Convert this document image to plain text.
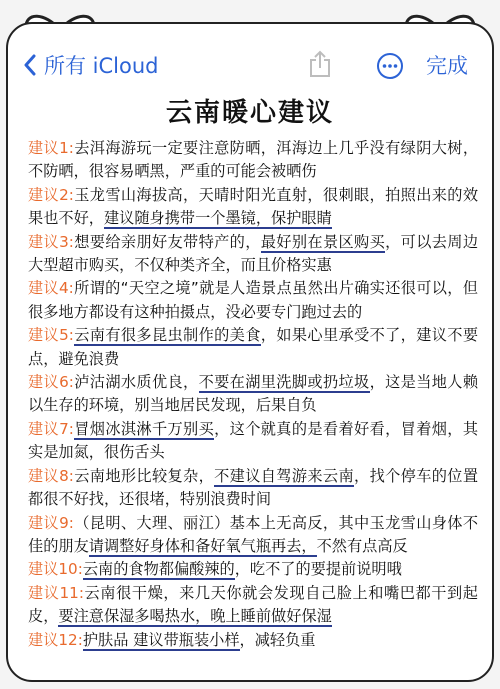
所有 iCloud	完成
云南暖心建议
建议1:去洱海游玩一定要注意防晒，洱海边上几乎没有绿阴大树，不防晒，很容易晒黑，严重的可能会被晒伤
建议2:玉龙雪山海拔高，天晴时阳光直射，很刺眼，拍照出来的效果也不好，建议随身携带一个墨镜，保护眼睛
建议3:想要给亲朋好友带特产的，最好别在景区购买，可以去周边大型超市购买，不仅种类齐全，而且价格实惠
建议4:所谓的“天空之境”就是人造景点虽然出片确实还很可以，但很多地方都设有这种拍摄点，没必要专门跑过去的
建议5:云南有很多昆虫制作的美食，如果心里承受不了，建议不要点，避免浪费
建议6:泸沽湖水质优良，不要在湖里洗脚或扔垃圾，这是当地人赖以生存的环境，别当地居民发现，后果自负
建议7:冒烟冰淇淋千万别买，这个就真的是看着好看，冒着烟，其实是加氮，很伤舌头
建议8:云南地形比较复杂，不建议自驾游来云南，找个停车的位置都很不好找，还很堵，特别浪费时间
建议9:（昆明、大理、丽江）基本上无高反，其中玉龙雪山身体不佳的朋友请调整好身体和备好氧气瓶再去，不然有点高反
建议10:云南的食物都偏酸辣的，吃不了的要提前说明哦
建议11:云南很干燥，来几天你就会发现自己脸上和嘴巴都干到起皮，要注意保湿多喝热水，晚上睡前做好保湿
建议12:护肤品 建议带瓶装小样，减轻负重
